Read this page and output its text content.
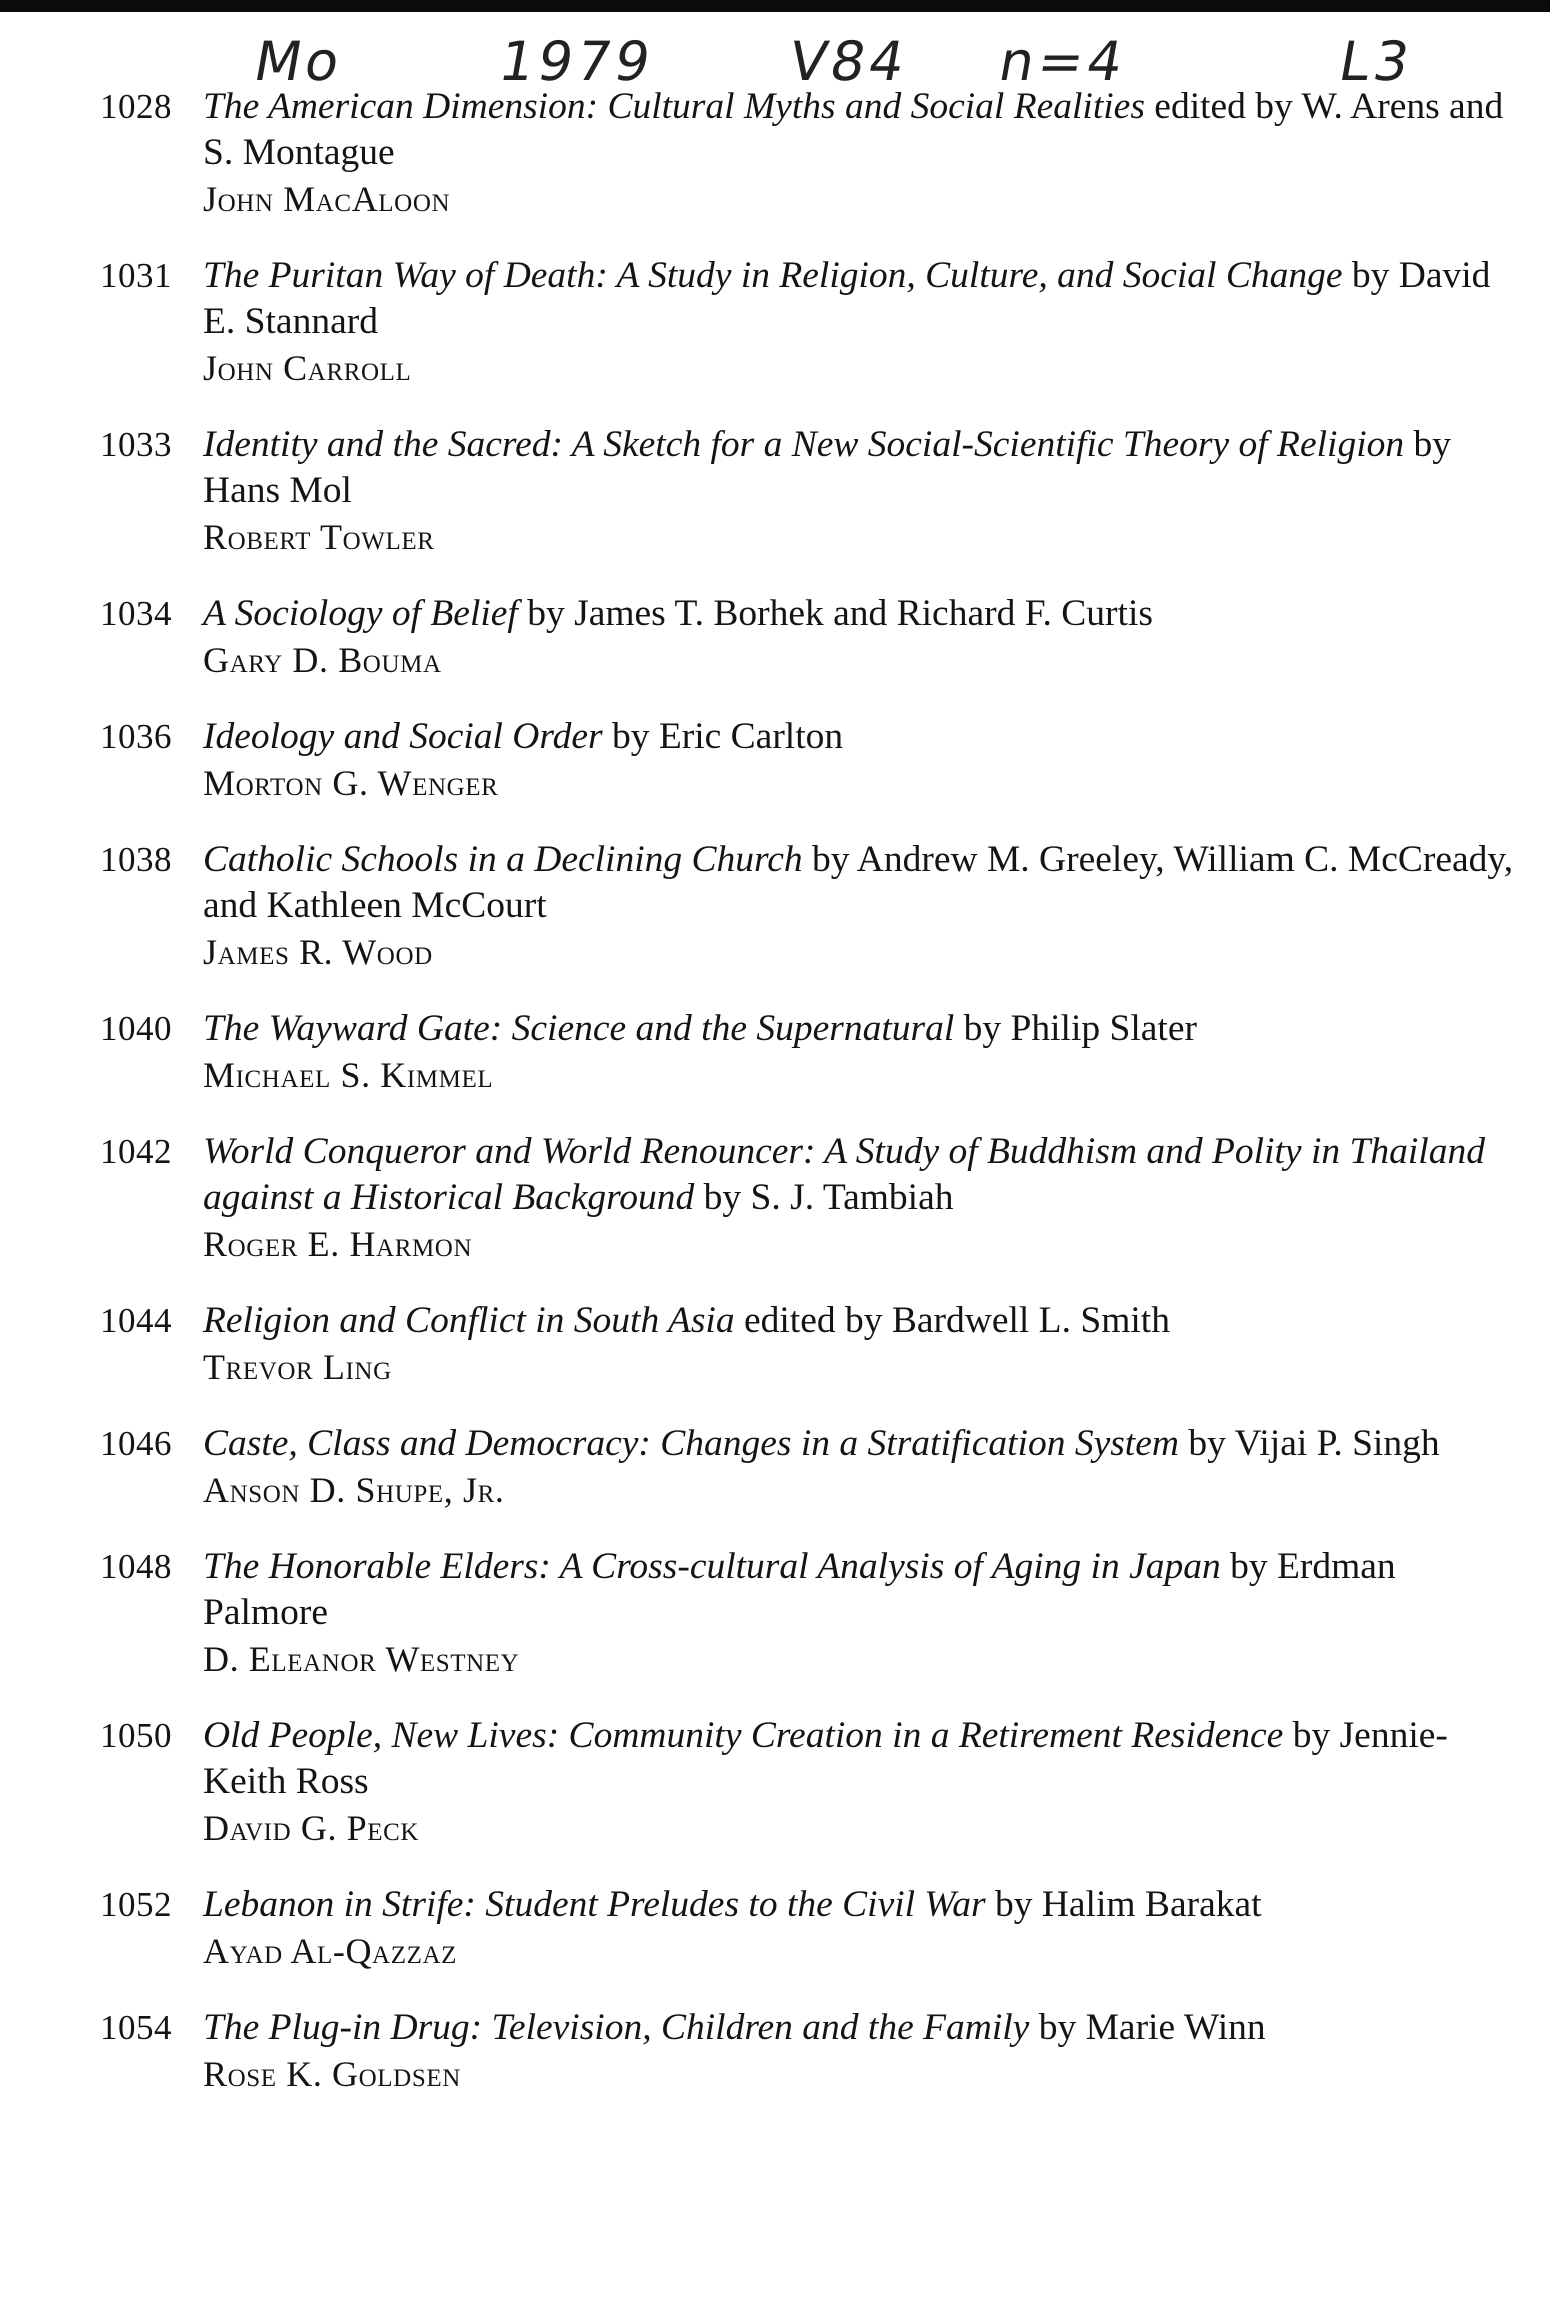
Mo	1979 V84 n=4	L3
1028 The American Dimension: Cultural Myths and Social Realities edited by W. Arens and S. Montague
John MacAloon
1031 The Puritan Way of Death: A Study in Religion, Culture, and Social Change by David E. Stannard
John Carroll
1033 Identity and the Sacred: A Sketch for a New Social-Scientific Theory of Religion by Hans Mol
Robert Towler
1034 A Sociology of Belief by James T. Borhek and Richard F. Curtis
Gary D. Bouma
1036 Ideology and Social Order by Eric Carlton
Morton G. Wenger
1038 Catholic Schools in a Declining Church by Andrew M. Greeley, William C. McCready, and Kathleen McCourt
James R. Wood
1040 The Wayward Gate: Science and the Supernatural by Philip Slater
Michael S. Kimmel
1042 World Conqueror and World Renouncer: A Study of Buddhism and Polity in Thailand against a Historical Background by S. J. Tambiah
Roger E. Harmon
1044 Religion and Conflict in South Asia edited by Bardwell L. Smith
Trevor Ling
1046 Caste, Class and Democracy: Changes in a Stratification System by Vijai P. Singh
Anson D. Shupe, Jr.
1048 The Honorable Elders: A Cross-cultural Analysis of Aging in Japan by Erdman Palmore
D. Eleanor Westney
1050 Old People, New Lives: Community Creation in a Retirement Residence by Jennie-Keith Ross
David G. Peck
1052 Lebanon in Strife: Student Preludes to the Civil War by Halim Barakat
Ayad Al-Qazzaz
1054 The Plug-in Drug: Television, Children and the Family by Marie Winn
Rose K. Goldsen
